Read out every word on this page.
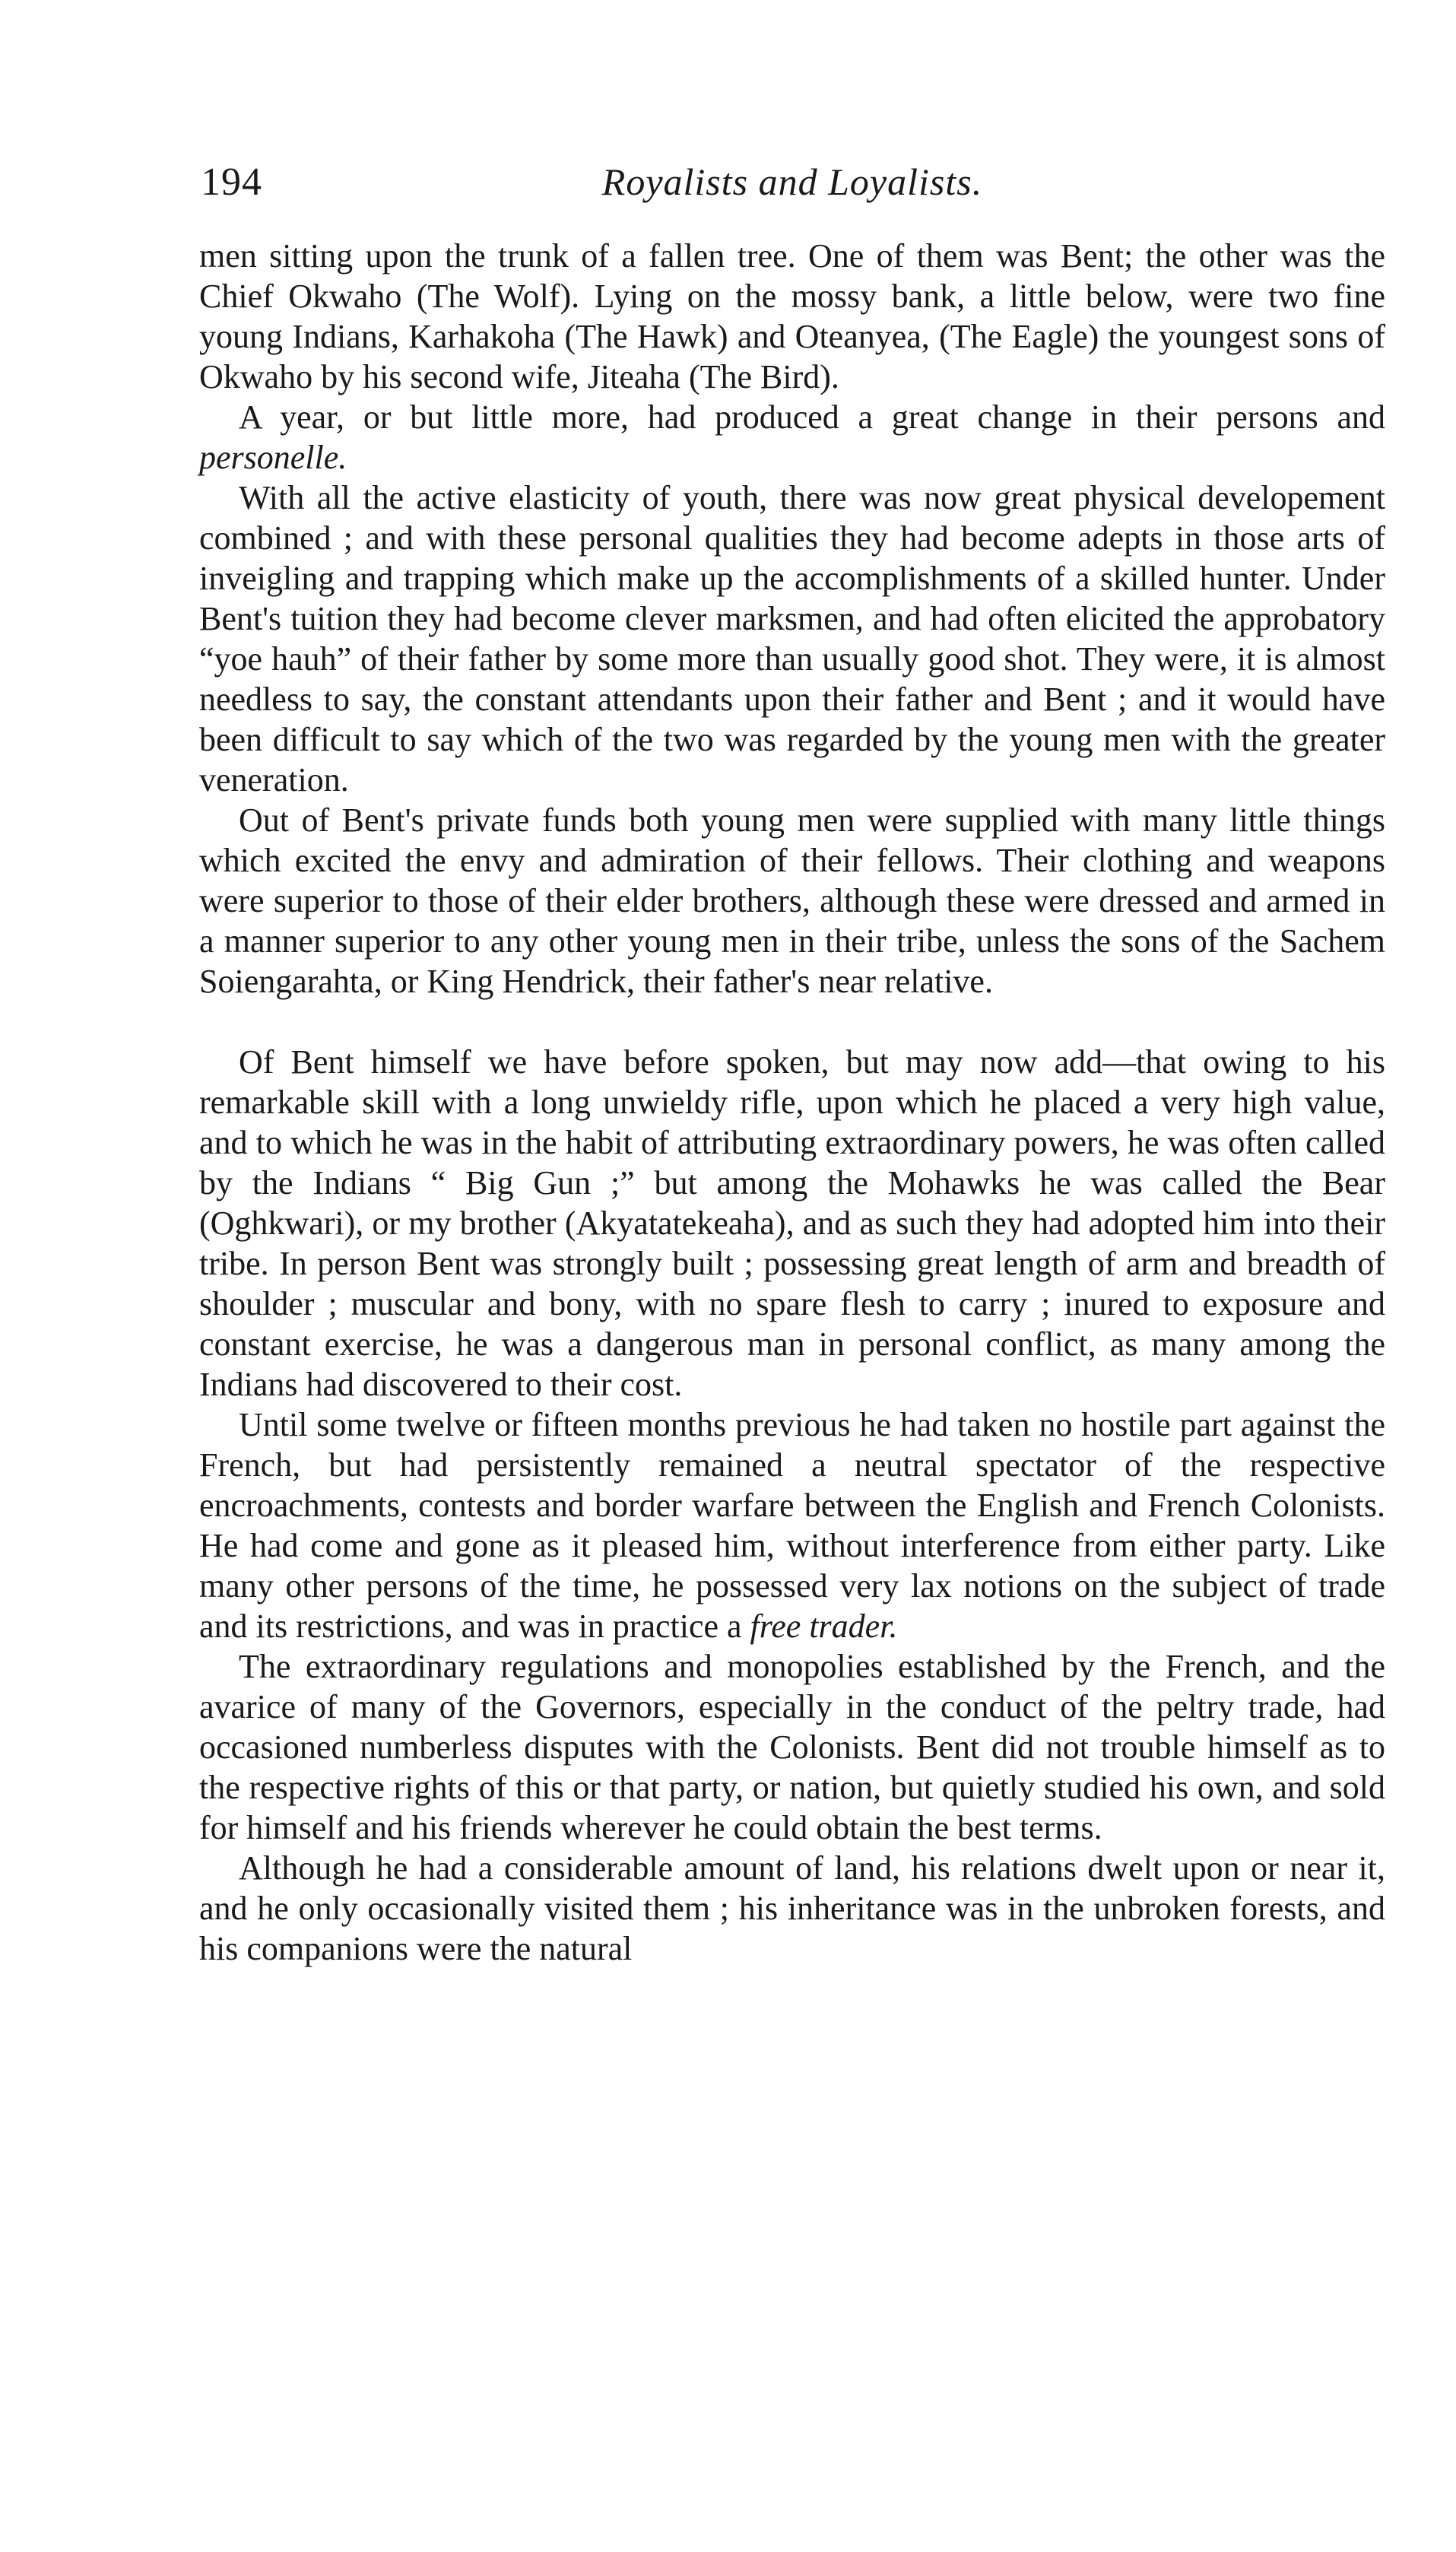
194	Royalists and Loyalists.

men sitting upon the trunk of a fallen tree. One of them was Bent; the other was the Chief Okwaho (The Wolf). Lying on the mossy bank, a little below, were two fine young Indians, Karhakoha (The Hawk) and Oteanyea, (The Eagle) the youngest sons of Okwaho by his second wife, Jiteaha (The Bird).

A year, or but little more, had produced a great change in their persons and personelle.

With all the active elasticity of youth, there was now great physical developement combined ; and with these personal qualities they had become adepts in those arts of inveigling and trapping which make up the accomplishments of a skilled hunter. Under Bent's tuition they had become clever marksmen, and had often elicited the approbatory “yoe hauh” of their father by some more than usually good shot. They were, it is almost needless to say, the constant attendants upon their father and Bent ; and it would have been difficult to say which of the two was regarded by the young men with the greater veneration.

Out of Bent's private funds both young men were supplied with many little things which excited the envy and admiration of their fellows. Their clothing and weapons were superior to those of their elder brothers, although these were dressed and armed in a manner superior to any other young men in their tribe, unless the sons of the Sachem Soiengarahta, or King Hendrick, their father's near relative.

Of Bent himself we have before spoken, but may now add—that owing to his remarkable skill with a long unwieldy rifle, upon which he placed a very high value, and to which he was in the habit of attributing extraordinary powers, he was often called by the Indians “ Big Gun ;” but among the Mohawks he was called the Bear (Oghkwari), or my brother (Akyatatekeaha), and as such they had adopted him into their tribe. In person Bent was strongly built ; possessing great length of arm and breadth of shoulder ; muscular and bony, with no spare flesh to carry ; inured to exposure and constant exercise, he was a dangerous man in personal conflict, as many among the Indians had discovered to their cost.

Until some twelve or fifteen months previous he had taken no hostile part against the French, but had persistently remained a neutral spectator of the respective encroachments, contests and border warfare between the English and French Colonists. He had come and gone as it pleased him, without interference from either party. Like many other persons of the time, he possessed very lax notions on the subject of trade and its restrictions, and was in practice a free trader.

The extraordinary regulations and monopolies established by the French, and the avarice of many of the Governors, especially in the conduct of the peltry trade, had occasioned numberless disputes with the Colonists. Bent did not trouble himself as to the respective rights of this or that party, or nation, but quietly studied his own, and sold for himself and his friends wherever he could obtain the best terms.

Although he had a considerable amount of land, his relations dwelt upon or near it, and he only occasionally visited them ; his inheritance was in the unbroken forests, and his companions were the natural
